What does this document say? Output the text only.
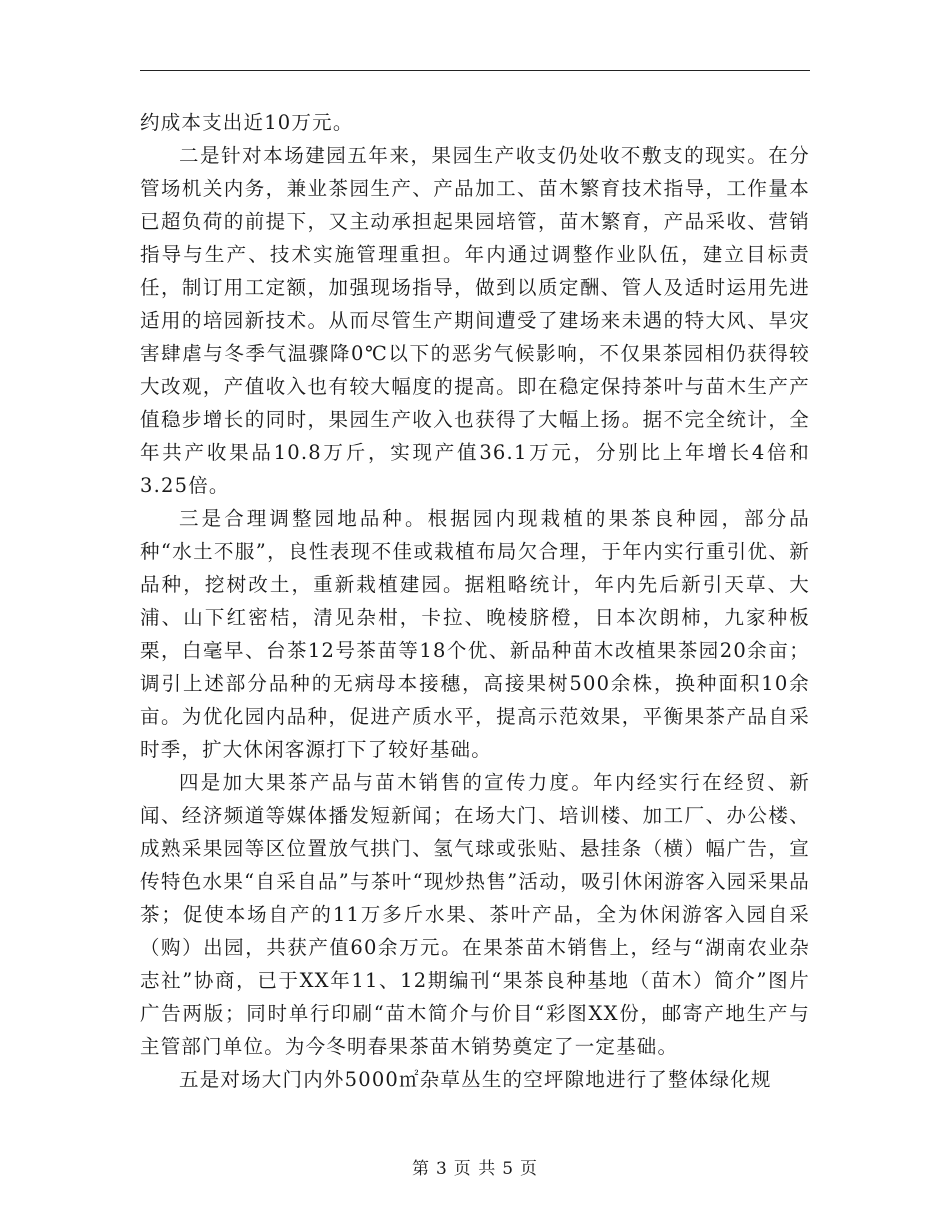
约成本支出近10万元。

二是针对本场建园五年来，果园生产收支仍处收不敷支的现实。在分管场机关内务，兼业茶园生产、产品加工、苗木繁育技术指导，工作量本已超负荷的前提下，又主动承担起果园培管，苗木繁育，产品采收、营销指导与生产、技术实施管理重担。年内通过调整作业队伍，建立目标责任，制订用工定额，加强现场指导，做到以质定酬、管人及适时运用先进适用的培园新技术。从而尽管生产期间遭受了建场来未遇的特大风、旱灾害肆虐与冬季气温骤降0℃以下的恶劣气候影响，不仅果茶园相仍获得较大改观，产值收入也有较大幅度的提高。即在稳定保持茶叶与苗木生产产值稳步增长的同时，果园生产收入也获得了大幅上扬。据不完全统计，全年共产收果品10.8万斤，实现产值36.1万元，分别比上年增长4倍和3.25倍。

三是合理调整园地品种。根据园内现栽植的果茶良种园，部分品种“水土不服”，良性表现不佳或栽植布局欠合理，于年内实行重引优、新品种，挖树改土，重新栽植建园。据粗略统计，年内先后新引天草、大浦、山下红密桔，清见杂柑，卡拉、晚棱脐橙，日本次朗柿，九家种板栗，白毫早、台茶12号茶苗等18个优、新品种苗木改植果茶园20余亩；调引上述部分品种的无病母本接穗，高接果树500余株，换种面积10余亩。为优化园内品种，促进产质水平，提高示范效果，平衡果茶产品自采时季，扩大休闲客源打下了较好基础。

四是加大果茶产品与苗木销售的宣传力度。年内经实行在经贸、新闻、经济频道等媒体播发短新闻；在场大门、培训楼、加工厂、办公楼、成熟采果园等区位置放气拱门、氢气球或张贴、悬挂条（横）幅广告，宣传特色水果“自采自品”与茶叶“现炒热售”活动，吸引休闲游客入园采果品茶；促使本场自产的11万多斤水果、茶叶产品，全为休闲游客入园自采（购）出园，共获产值60余万元。在果茶苗木销售上，经与“湖南农业杂志社”协商，已于XX年11、12期编刊“果茶良种基地（苗木）简介”图片广告两版；同时单行印刷“苗木简介与价目“彩图XX份，邮寄产地生产与主管部门单位。为今冬明春果茶苗木销势奠定了一定基础。

五是对场大门内外5000㎡杂草丛生的空坪隙地进行了整体绿化规

第 3 页 共 5 页
